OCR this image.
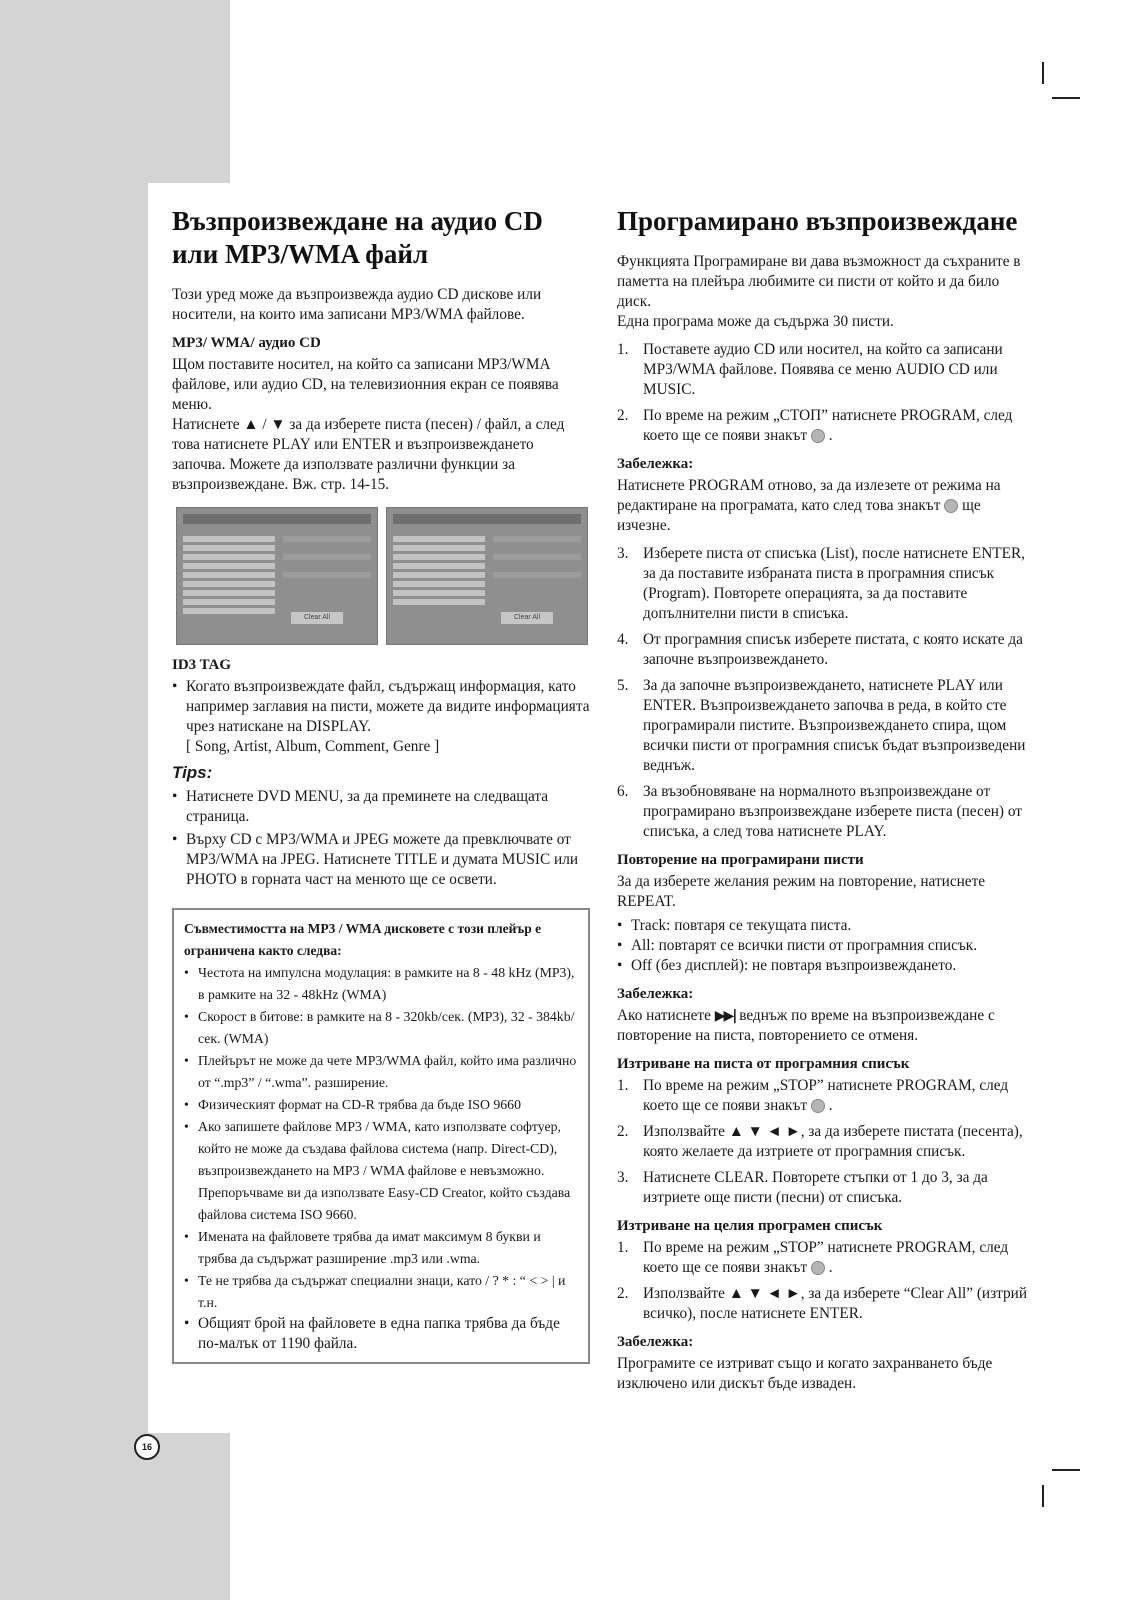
Възпроизвеждане на аудио CD или MP3/WMA файл

Този уред може да възпроизвежда аудио CD дискове или носители, на които има записани MP3/WMA файлове.

MP3/ WMA/ аудио CD

Щом поставите носител, на който са записани MP3/WMA файлове, или аудио CD, на телевизионния екран се появява меню.

Натиснете ▲ / ▼ за да изберете писта (песен) / файл, а след това натиснете PLAY или ENTER и възпроизвеждането започва. Можете да използвате различни функции за възпроизвеждане. Вж. стр. 14-15.

Clear All	Clear All
ID3 TAG
• Когато възпроизвеждате файл, съдържащ информация, като например заглавия на писти, можете да видите информацията чрез натискане на DISPLAY.
[ Song, Artist, Album, Comment, Genre ]
Tips:
• Натиснете DVD MENU, за да преминете на следващата страница.
• Върху CD с MP3/WMA и JPEG можете да превключвате от MP3/WMA на JPEG. Натиснете TITLE и думата MUSIC или PHOTO в горната част на менюто ще се освети.
Съвместимостта на MP3 / WMA дисковете с този плейър е ограничена както следва:
• Честота на импулсна модулация: в рамките на 8 - 48 kHz (MP3), в рамките на 32 - 48kHz (WMA)
• Скорост в битове: в рамките на 8 - 320kb/сек. (MP3), 32 - 384kb/сек. (WMA)
• Плейърът не може да чете MP3/WMA файл, който има различно от “.mp3” / “.wma”. разширение.
• Физическият формат на CD-R трябва да бъде ISO 9660
• Ако запишете файлове MP3 / WMA, като използвате софтуер, който не може да създава файлова система (напр. Direct-CD), възпроизвеждането на MP3 / WMA файлове е невъзможно. Препоръчваме ви да използвате Easy-CD Creator, който създава файлова система ISO 9660.
• Имената на файловете трябва да имат максимум 8 букви и трябва да съдържат разширение .mp3 или .wma.
• Те не трябва да съдържат специални знаци, като / ? * : “ < > | и т.н.
• Общият брой на файловете в една папка трябва да бъде по-малък от 1190 файла.
Програмирано възпроизвеждане

Функцията Програмиране ви дава възможност да съхраните в паметта на плейъра любимите си писти от който и да било диск.

Една програма може да съдържа 30 писти.

1. Поставете аудио CD или носител, на който са записани MP3/WMA файлове. Появява се меню AUDIO CD или MUSIC.
2. По време на режим „СТОП” натиснете PROGRAM, след което ще се появи знакът  .
Забележка:

Натиснете PROGRAM отново, за да излезете от режима на редактиране на програмата, като след това знакът ще изчезне.

3. Изберете писта от списъка (List), после натиснете ENTER, за да поставите избраната писта в програмния списък (Program). Повторете операцията, за да поставите допълнителни писти в списъка.
4. От програмния списък изберете пистата, с която искате да започне възпроизвеждането.
5. За да започне възпроизвеждането, натиснете PLAY или ENTER. Възпроизвеждането започва в реда, в който сте програмирали пистите. Възпроизвеждането спира, щом всички писти от програмния списък бъдат възпроизведени веднъж.
6. За възобновяване на нормалното възпроизвеждане от програмирано възпроизвеждане изберете писта (песен) от списъка, а след това натиснете PLAY.
Повторение на програмирани писти

За да изберете желания режим на повторение, натиснете REPEAT.

• Track: повтаря се текущата писта.
• All: повтарят се всички писти от програмния списък.
• Off (без дисплей): не повтаря възпроизвеждането.
Забележка:

Ако натиснете ▶▶| веднъж по време на възпроизвеждане с повторение на писта, повторението се отменя.

Изтриване на писта от програмния списък
1. По време на режим „STOP” натиснете PROGRAM, след което ще се появи знакът  .
2. Използвайте ▲ ▼ ◄ ►, за да изберете пистата (песента), която желаете да изтриете от програмния списък.
3. Натиснете CLEAR. Повторете стъпки от 1 до 3, за да изтриете още писти (песни) от списъка.
Изтриване на целия програмен списък
1. По време на режим „STOP” натиснете PROGRAM, след което ще се появи знакът  .
2. Използвайте ▲ ▼ ◄ ►, за да изберете “Clear All” (изтрий всичко), после натиснете ENTER.
Забележка:

Програмите се изтриват също и когато захранването бъде изключено или дискът бъде изваден.

16
